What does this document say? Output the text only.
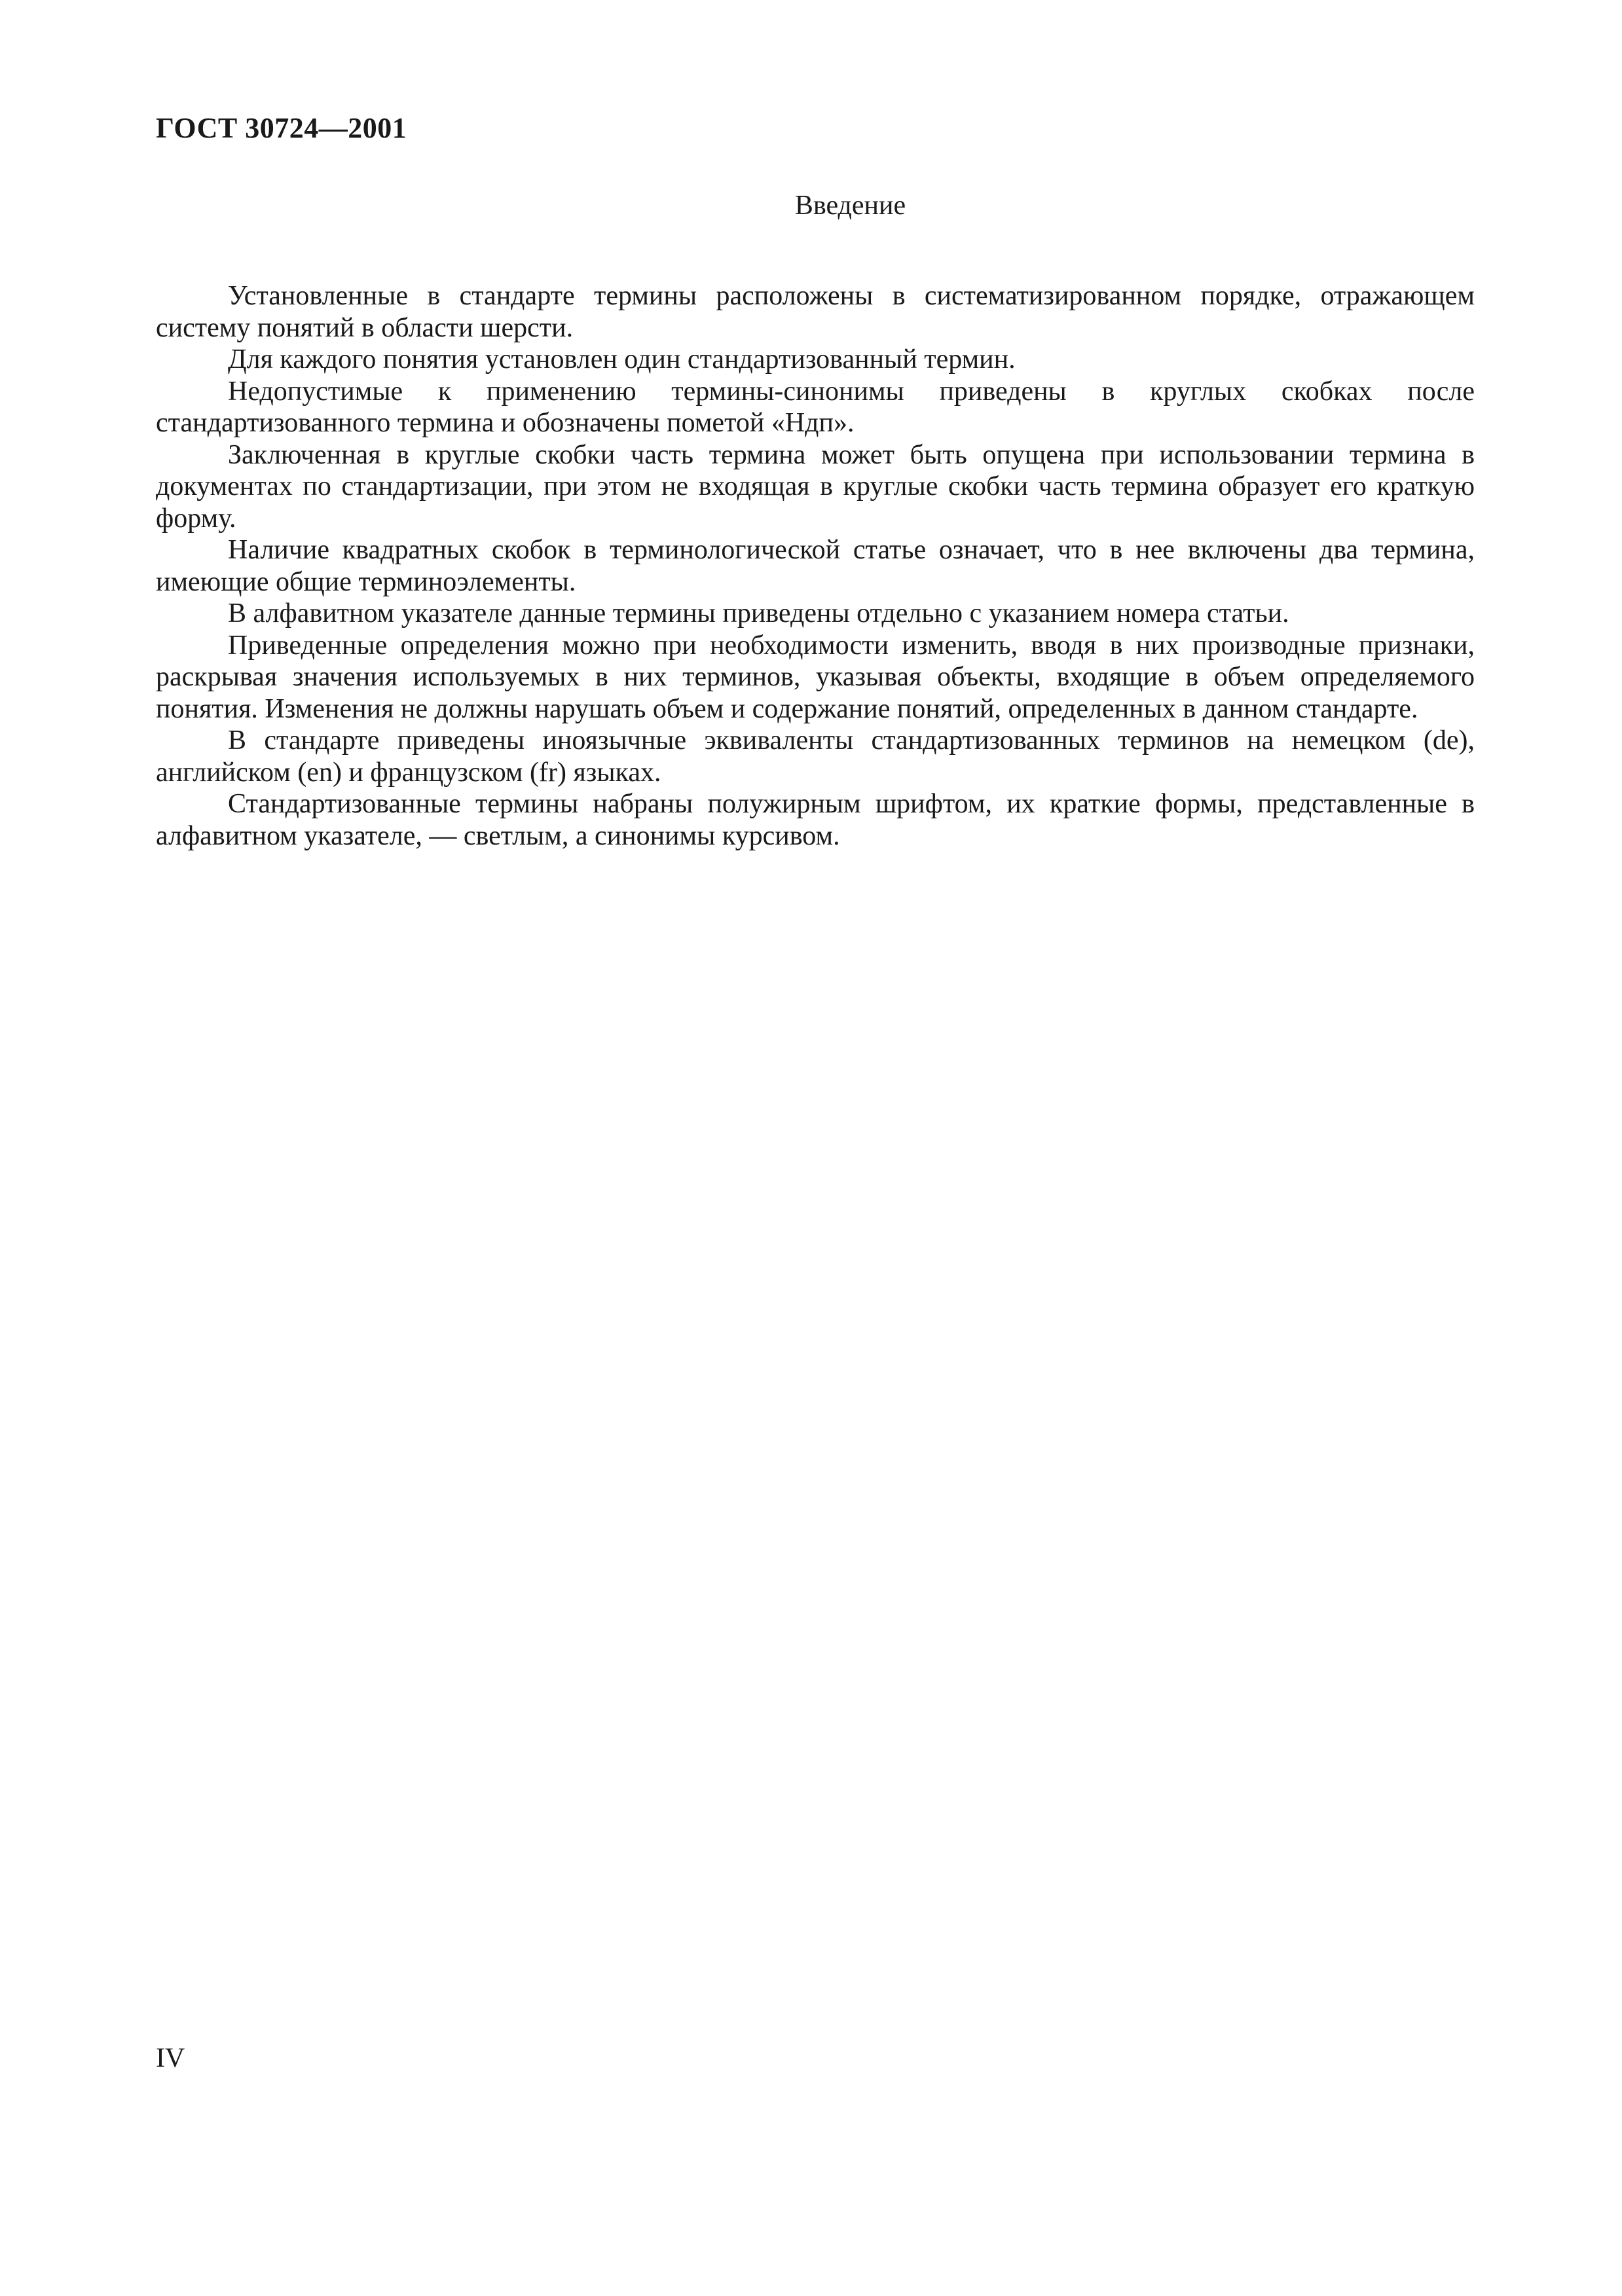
ГОСТ 30724—2001
Введение

Установленные в стандарте термины расположены в систематизированном порядке, отражающем систему понятий в области шерсти.

Для каждого понятия установлен один стандартизованный термин.

Недопустимые к применению термины-синонимы приведены в круглых скобках после стандартизованного термина и обозначены пометой «Ндп».

Заключенная в круглые скобки часть термина может быть опущена при использовании термина в документах по стандартизации, при этом не входящая в круглые скобки часть термина образует его краткую форму.

Наличие квадратных скобок в терминологической статье означает, что в нее включены два термина, имеющие общие терминоэлементы.

В алфавитном указателе данные термины приведены отдельно с указанием номера статьи.

Приведенные определения можно при необходимости изменить, вводя в них производные признаки, раскрывая значения используемых в них терминов, указывая объекты, входящие в объем определяемого понятия. Изменения не должны нарушать объем и содержание понятий, определенных в данном стандарте.

В стандарте приведены иноязычные эквиваленты стандартизованных терминов на немецком (de), английском (en) и французском (fr) языках.

Стандартизованные термины набраны полужирным шрифтом, их краткие формы, представленные в алфавитном указателе, — светлым, а синонимы курсивом.

IV
